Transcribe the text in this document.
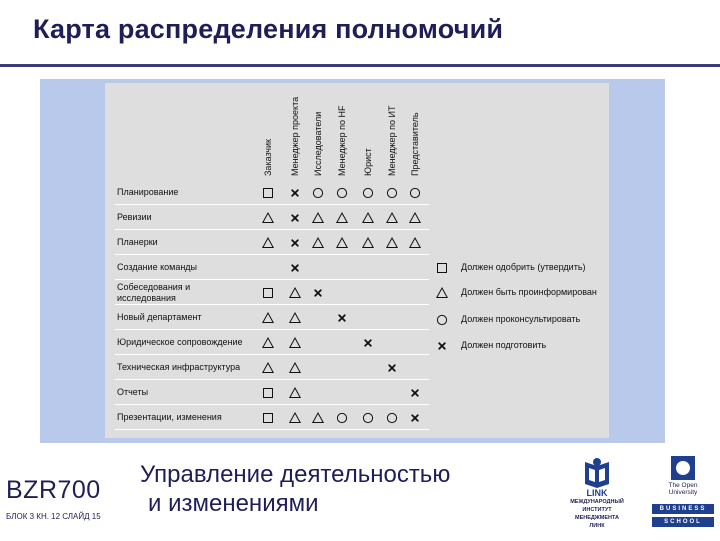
Карта распределения полномочий
Заказчик Менеджер проекта Исследователи Менеджер по HF Юрист Менеджер по ИТ Представитель
Планирование
Ревизии
Планерки
Создание команды
Собеседования и исследования
Новый департамент
Юридическое сопровождение
Техническая инфраструктура
Отчеты
Презентации, изменения
Должен одобрить (утвердить)
Должен быть проинформирован
Должен проконсультировать
Должен подготовить
BZR700
БЛОК 3 КН. 12 СЛАЙД 15
Управление деятельностью
и изменениями	LINK
МЕЖДУНАРОДНЫЙ
ИНСТИТУТ
МЕНЕДЖМЕНТА
ЛИНК
The Open
University
BUSINESS
SCHOOL
